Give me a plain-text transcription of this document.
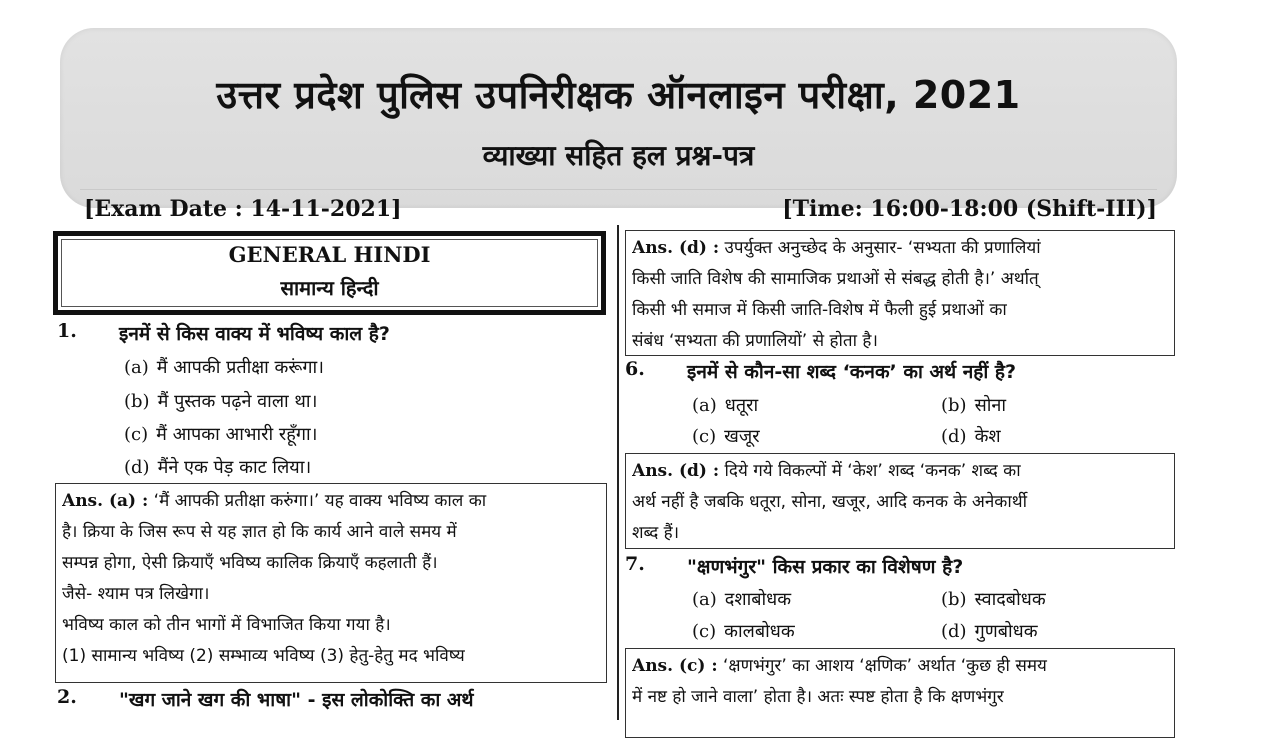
उत्तर प्रदेश पुलिस उपनिरीक्षक ऑनलाइन परीक्षा, 2021
व्याख्या सहित हल प्रश्न-पत्र
[Exam Date : 14-11-2021]	[Time: 16:00-18:00 (Shift-III)]
GENERAL HINDI
सामान्य हिन्दी
1. इनमें से किस वाक्य में भविष्य काल है?
(a) मैं आपकी प्रतीक्षा करूंगा।
(b) मैं पुस्तक पढ़ने वाला था।
(c) मैं आपका आभारी रहूँगा।
(d) मैंने एक पेड़ काट लिया।
Ans. (a) : ‘मैं आपकी प्रतीक्षा करुंगा।’ यह वाक्य भविष्य काल का
है। क्रिया के जिस रूप से यह ज्ञात हो कि कार्य आने वाले समय में
सम्पन्न होगा, ऐसी क्रियाएँ भविष्य कालिक क्रियाएँ कहलाती हैं।
जैसे- श्याम पत्र लिखेगा।
भविष्य काल को तीन भागों में विभाजित किया गया है।
(1) सामान्य भविष्य (2) सम्भाव्य भविष्य (3) हेतु-हेतु मद भविष्य
2. "खग जाने खग की भाषा" - इस लोकोक्ति का अर्थ
Ans. (d) : उपर्युक्त अनुच्छेद के अनुसार- ‘सभ्यता की प्रणालियां
किसी जाति विशेष की सामाजिक प्रथाओं से संबद्ध होती है।’ अर्थात्
किसी भी समाज में किसी जाति-विशेष में फैली हुई प्रथाओं का
संबंध ‘सभ्यता की प्रणालियों’ से होता है।
6. इनमें से कौन-सा शब्द ‘कनक’ का अर्थ नहीं है?
(a) धतूरा	(b) सोना
(c) खजूर	(d) केश
Ans. (d) : दिये गये विकल्पों में ‘केश’ शब्द ‘कनक’ शब्द का
अर्थ नहीं है जबकि धतूरा, सोना, खजूर, आदि कनक के अनेकार्थी
शब्द हैं।
7. "क्षणभंगुर" किस प्रकार का विशेषण है?
(a) दशाबोधक	(b) स्वादबोधक
(c) कालबोधक	(d) गुणबोधक
Ans. (c) : ‘क्षणभंगुर’ का आशय ‘क्षणिक’ अर्थात ‘कुछ ही समय
में नष्ट हो जाने वाला’ होता है। अतः स्पष्ट होता है कि क्षणभंगुर
